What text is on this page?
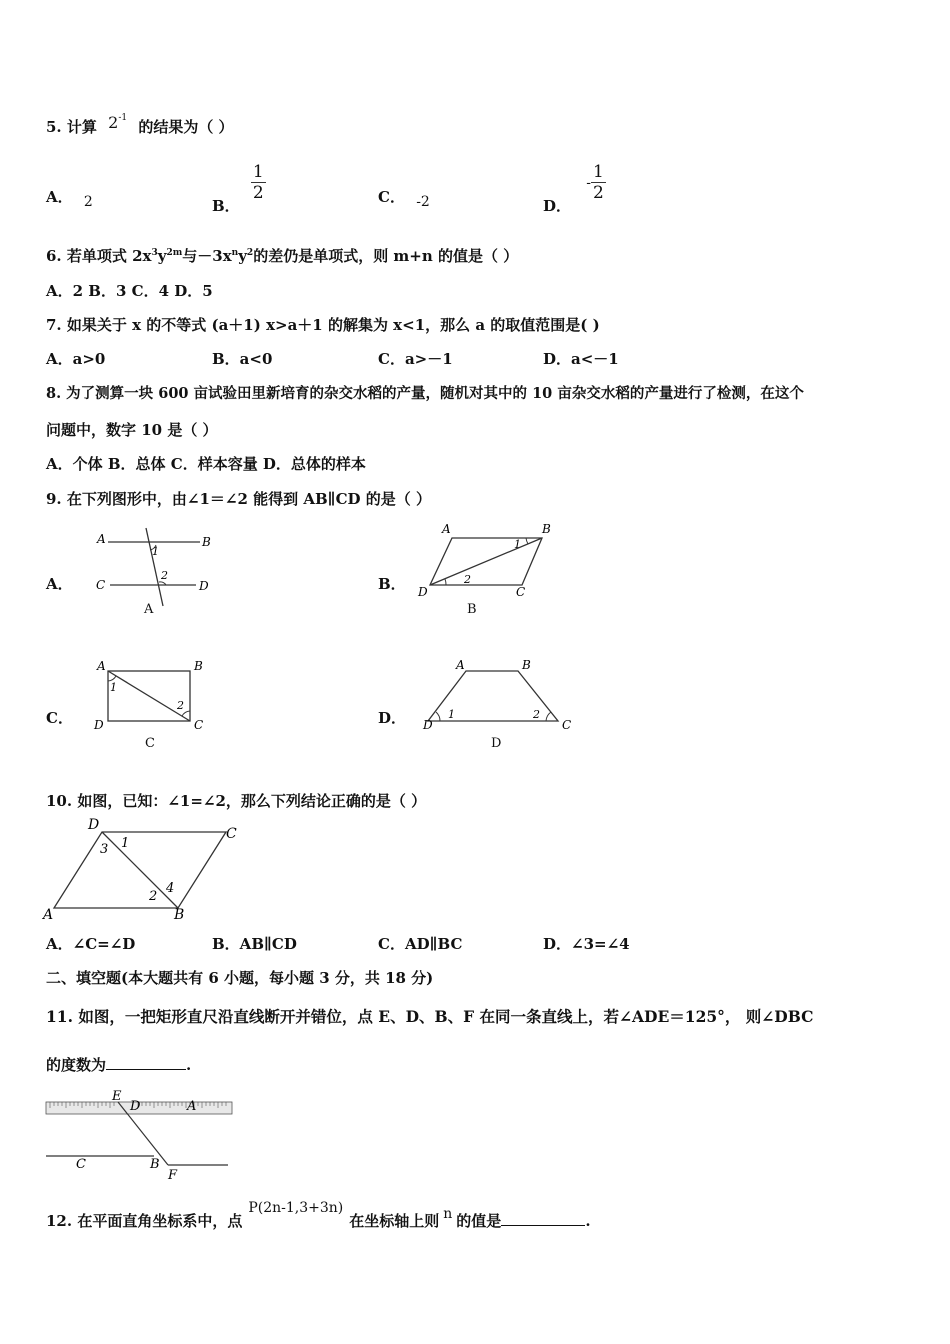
5. 计算 $2^{-1}$ 的结果为（ ）
A． 2	B．
$\frac{1}{2}$	C． -2	D． - $\frac{1}{2}$
6. 若单项式 $2x^3y^{2m}$与$-3x^ny^2$的差仍是单项式，则 m+n 的值是（ ）
A．2 B．3 C．4 D．5
7. 如果关于 x 的不等式 (a＋1) x>a＋1 的解集为 x<1，那么 a 的取值范围是( )
A．a>0	B．a<0	C．a>－1	D．a<－1
8. 为了测算一块 600 亩试验田里新培育的杂交水稻的产量，随机对其中的 10 亩杂交水稻的产量进行了检测，在这个
问题中，数字 10 是（ ）
A．个体 B．总体 C．样本容量 D．总体的样本
9. 在下列图形中，由∠1＝∠2 能得到 AB∥CD 的是（ ）
A．
A	B
C	D
1
2
A
B．
A	B
C
D
1
2
B
C．
A	B
C
D
1
2
C
D．
A	B
C
D
1	2
D
10. 如图，已知：∠1=∠2，那么下列结论正确的是（ ）
D
C
A	B
1
2
3
4
A．∠C=∠D	B．AB∥CD	C．AD∥BC	D．∠3=∠4
二、填空题(本大题共有 6 小题，每小题 3 分，共 18 分)
11. 如图，一把矩形直尺沿直线断开并错位，点 E、D、B、F 在同一条直线上，若∠ADE＝125°， 则∠DBC
的度数为	.
E
D	A
C	B
F
12. 在平面直角坐标系中，点P(2n-1,3+3n)在坐标轴上则 n 的值是	.
